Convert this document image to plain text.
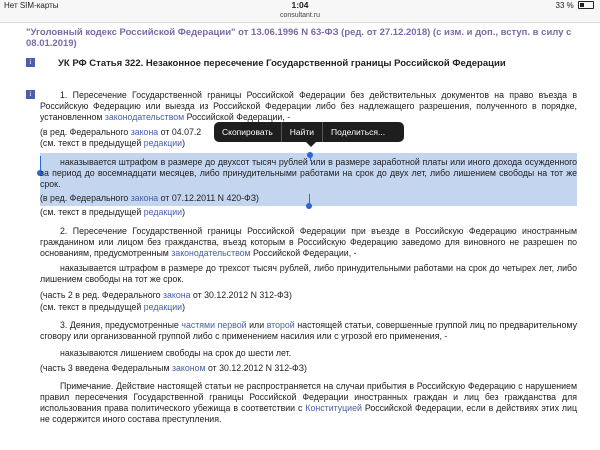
Нет SIM-карты	1:04	33 %
consultant.ru
"Уголовный кодекс Российской Федерации" от 13.06.1996 N 63-ФЗ (ред. от 27.12.2018) (с изм. и доп., вступ. в силу с 08.01.2019)
i	УК РФ Статья 322. Незаконное пересечение Государственной границы Российской Федерации
i	1. Пересечение Государственной границы Российской Федерации без действительных документов на право въезда в Российскую Федерацию или выезда из Российской Федерации либо без надлежащего разрешения, полученного в порядке, установленном законодательством Российской Федерации, -
(в ред. Федерального закона от 04.07.2
(см. текст в предыдущей редакции)
наказывается штрафом в размере до двухсот тысяч рублей или в размере заработной платы или иного дохода осужденного за период до восемнадцати месяцев, либо принудительными работами на срок до двух лет, либо лишением свободы на тот же срок.
(в ред. Федерального закона от 07.12.2011 N 420-ФЗ)
(см. текст в предыдущей редакции)
2. Пересечение Государственной границы Российской Федерации при въезде в Российскую Федерацию иностранным гражданином или лицом без гражданства, въезд которым в Российскую Федерацию заведомо для виновного не разрешен по основаниям, предусмотренным законодательством Российской Федерации, -
наказывается штрафом в размере до трехсот тысяч рублей, либо принудительными работами на срок до четырех лет, либо лишением свободы на тот же срок.
(часть 2 в ред. Федерального закона от 30.12.2012 N 312-ФЗ)
(см. текст в предыдущей редакции)
3. Деяния, предусмотренные частями первой или второй настоящей статьи, совершенные группой лиц по предварительному сговору или организованной группой либо с применением насилия или с угрозой его применения, -
наказываются лишением свободы на срок до шести лет.
(часть 3 введена Федеральным законом от 30.12.2012 N 312-ФЗ)
Примечание. Действие настоящей статьи не распространяется на случаи прибытия в Российскую Федерацию с нарушением правил пересечения Государственной границы Российской Федерации иностранных граждан и лиц без гражданства для использования права политического убежища в соответствии с Конституцией Российской Федерации, если в действиях этих лиц не содержится иного состава преступления.
Скопировать	Найти	Поделиться...
